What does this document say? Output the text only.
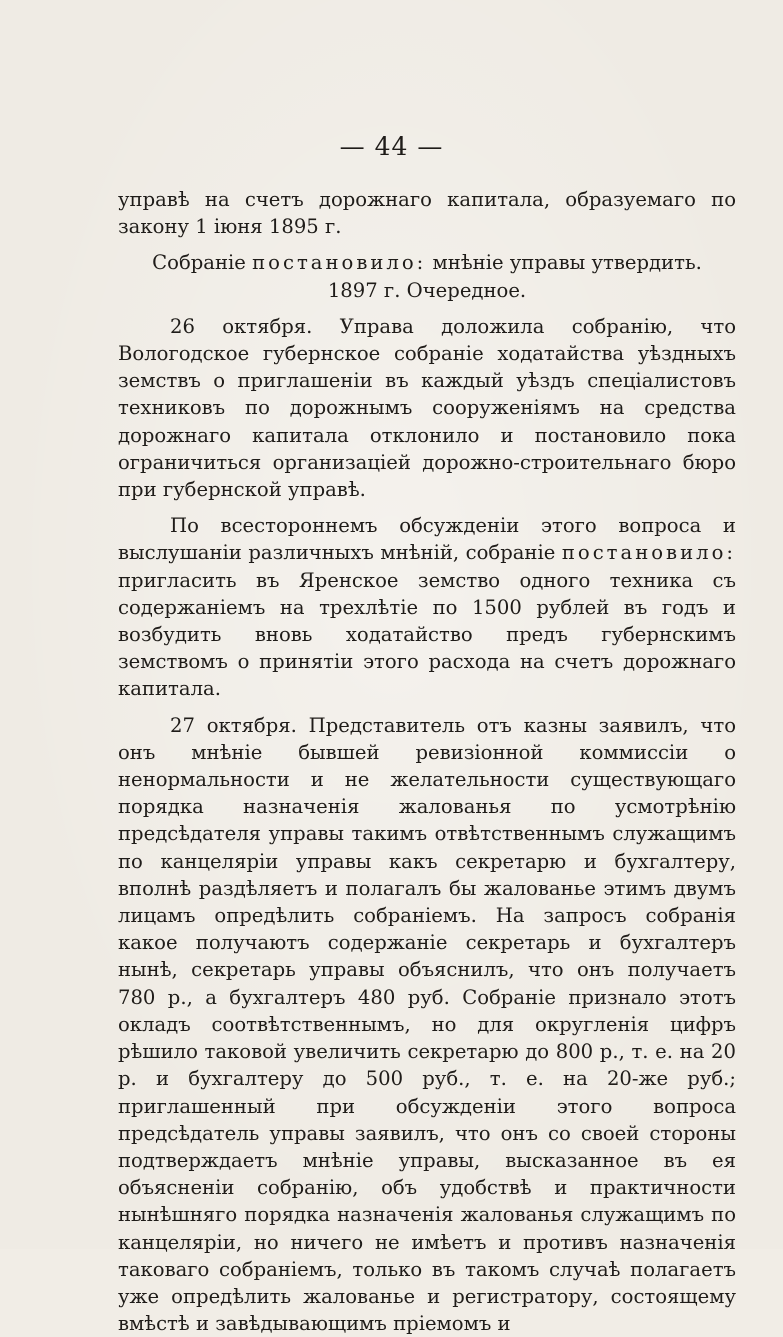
— 44 —

управѣ на счетъ дорожнаго капитала, образуемаго по закону 1 іюня 1895 г.

Собраніе постановило: мнѣніе управы утвердить.

1897 г. Очередное.

26 октября. Управа доложила собранію, что Вологодское губернское собраніе ходатайства уѣздныхъ земствъ о приглашеніи въ каждый уѣздъ спеціалистовъ техниковъ по дорожнымъ сооруженіямъ на средства дорожнаго капитала отклонило и постановило пока ограничиться организаціей дорожно-строительнаго бюро при губернской управѣ.

По всестороннемъ обсужденіи этого вопроса и выслушаніи различныхъ мнѣній, собраніе постановило: пригласить въ Яренское земство одного техника съ содержаніемъ на трехлѣтіе по 1500 рублей въ годъ и возбудить вновь ходатайство предъ губернскимъ земствомъ о принятіи этого расхода на счетъ дорожнаго капитала.

27 октября. Представитель отъ казны заявилъ, что онъ мнѣніе бывшей ревизіонной коммиссіи о ненормальности и не желательности существующаго порядка назначенія жалованья по усмотрѣнію предсѣдателя управы такимъ отвѣтственнымъ служащимъ по канцеляріи управы какъ секретарю и бухгалтеру, вполнѣ раздѣляетъ и полагалъ бы жалованье этимъ двумъ лицамъ опредѣлить собраніемъ. На запросъ собранія какое получаютъ содержаніе секретарь и бухгалтеръ нынѣ, секретарь управы объяснилъ, что онъ получаетъ 780 р., а бухгалтеръ 480 руб. Собраніе признало этотъ окладъ соотвѣтственнымъ, но для округленія цифръ рѣшило таковой увеличить секретарю до 800 р., т. е. на 20 р. и бухгалтеру до 500 руб., т. е. на 20-же руб.; приглашенный при обсужденіи этого вопроса предсѣдатель управы заявилъ, что онъ со своей стороны подтверждаетъ мнѣніе управы, высказанное въ ея объясненіи собранію, объ удобствѣ и практичности нынѣшняго порядка назначенія жалованья служащимъ по канцеляріи, но ничего не имѣетъ и противъ назначенія таковаго собраніемъ, только въ такомъ случаѣ полагаетъ уже опредѣлить жалованье и регистратору, состоящему вмѣстѣ и завѣдывающимъ пріемомъ и
